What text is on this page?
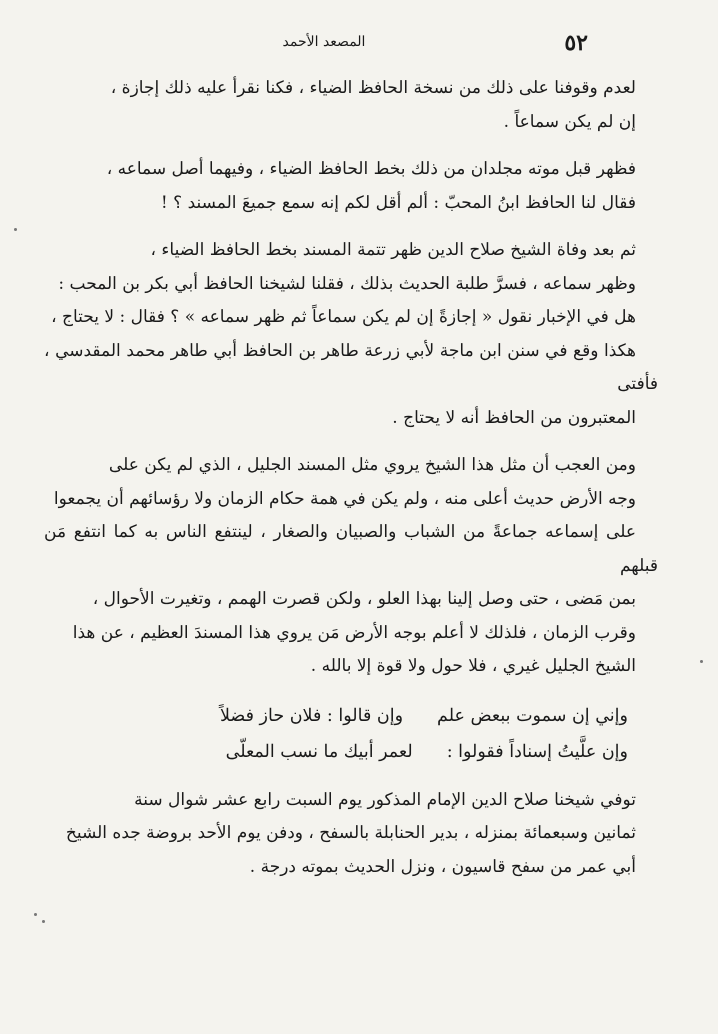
٥٢
المصعد الأحمد

لعدم وقوفنا على ذلك من نسخة الحافظ الضياء ، فكنا نقرأ عليه ذلك إجازة ،
إن لم يكن سماعاً .

فظهر قبل موته مجلدان من ذلك بخط الحافظ الضياء ، وفيهما أصل سماعه ،
فقال لنا الحافظ ابنُ المحبّ : ألم أقل لكم إنه سمع جميعَ المسند ؟ !

ثم بعد وفاة الشيخ صلاح الدين ظهر تتمة المسند بخط الحافظ الضياء ،
وظهر سماعه ، فسرَّ طلبة الحديث بذلك ، فقلنا لشيخنا الحافظ أبي بكر بن المحب :
هل في الإخبار نقول « إجازةً إن لم يكن سماعاً ثم ظهر سماعه » ؟ فقال : لا يحتاج ،
هكذا وقع في سنن ابن ماجة لأبي زرعة طاهر بن الحافظ أبي طاهر محمد المقدسي ، فأفتى
المعتبرون من الحافظ أنه لا يحتاج .

ومن العجب أن مثل هذا الشيخ يروي مثل المسند الجليل ، الذي لم يكن على
وجه الأرض حديث أعلى منه ، ولم يكن في همة حكام الزمان ولا رؤسائهم أن يجمعوا
على إسماعه جماعةً من الشباب والصبيان والصغار ، لينتفع الناس به كما انتفع مَن قبلهم
بمن مَضى ، حتى وصل إلينا بهذا العلو ، ولكن قصرت الهمم ، وتغيرت الأحوال ،
وقرب الزمان ، فلذلك لا أعلم بوجه الأرض مَن يروي هذا المسندَ العظيم ، عن هذا
الشيخ الجليل غيري ، فلا حول ولا قوة إلا بالله .

وإني إن سموت ببعض علم
وإن قالوا : فلان حاز فضلاً
وإن علَّيتُ إسناداً فقولوا :
لعمر أبيك ما نسب المعلّى

توفي شيخنا صلاح الدين الإمام المذكور يوم السبت رابع عشر شوال سنة
ثمانين وسبعمائة بمنزله ، بدير الحنابلة بالسفح ، ودفن يوم الأحد بروضة جده الشيخ
أبي عمر من سفح قاسيون ، ونزل الحديث بموته درجة .
